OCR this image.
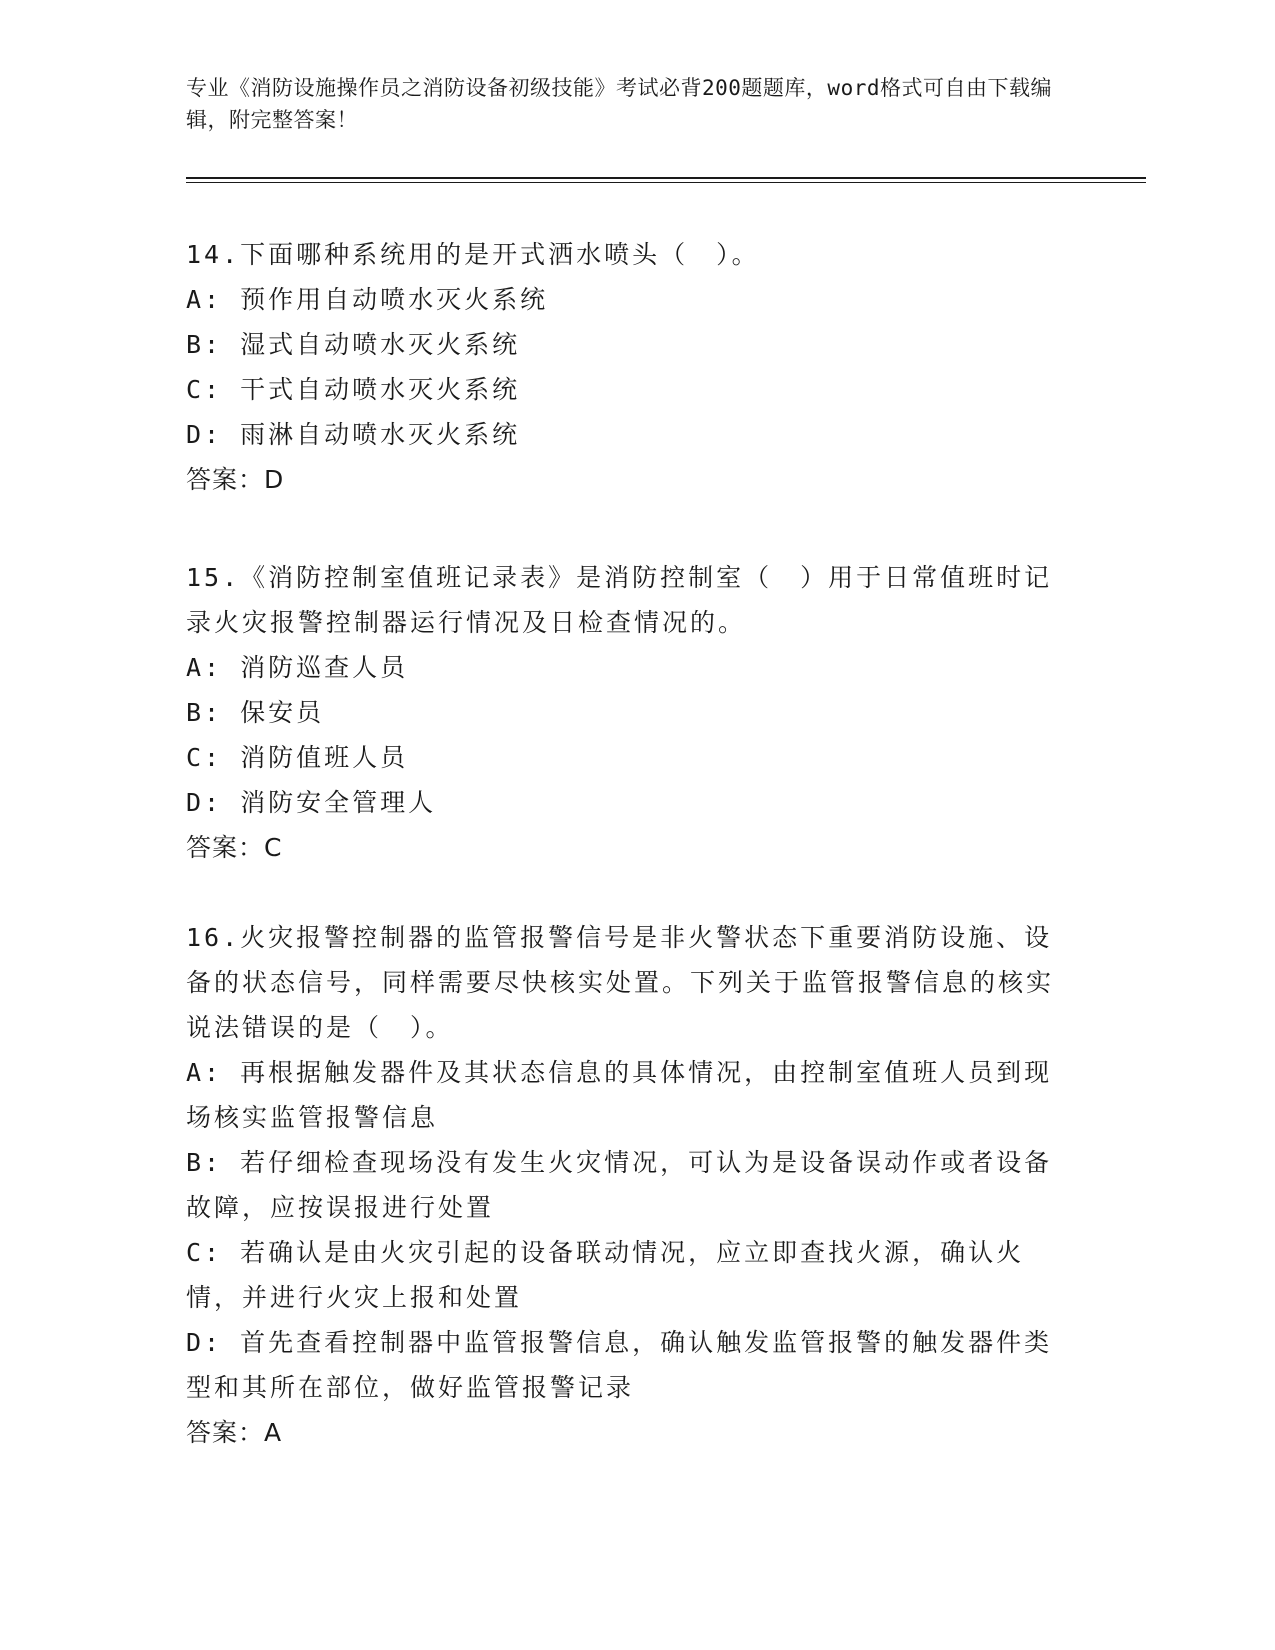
专业《消防设施操作员之消防设备初级技能》考试必背200题题库，word格式可自由下载编辑，附完整答案！
14.下面哪种系统用的是开式洒水喷头（　）。
A: 预作用自动喷水灭火系统
B: 湿式自动喷水灭火系统
C: 干式自动喷水灭火系统
D: 雨淋自动喷水灭火系统
答案：D
15.《消防控制室值班记录表》是消防控制室（　）用于日常值班时记录火灾报警控制器运行情况及日检查情况的。
A: 消防巡查人员
B: 保安员
C: 消防值班人员
D: 消防安全管理人
答案：C
16.火灾报警控制器的监管报警信号是非火警状态下重要消防设施、设备的状态信号，同样需要尽快核实处置。下列关于监管报警信息的核实说法错误的是（　）。
A: 再根据触发器件及其状态信息的具体情况，由控制室值班人员到现场核实监管报警信息
B: 若仔细检查现场没有发生火灾情况，可认为是设备误动作或者设备故障，应按误报进行处置
C: 若确认是由火灾引起的设备联动情况，应立即查找火源，确认火情，并进行火灾上报和处置
D: 首先查看控制器中监管报警信息，确认触发监管报警的触发器件类型和其所在部位，做好监管报警记录
答案：A
